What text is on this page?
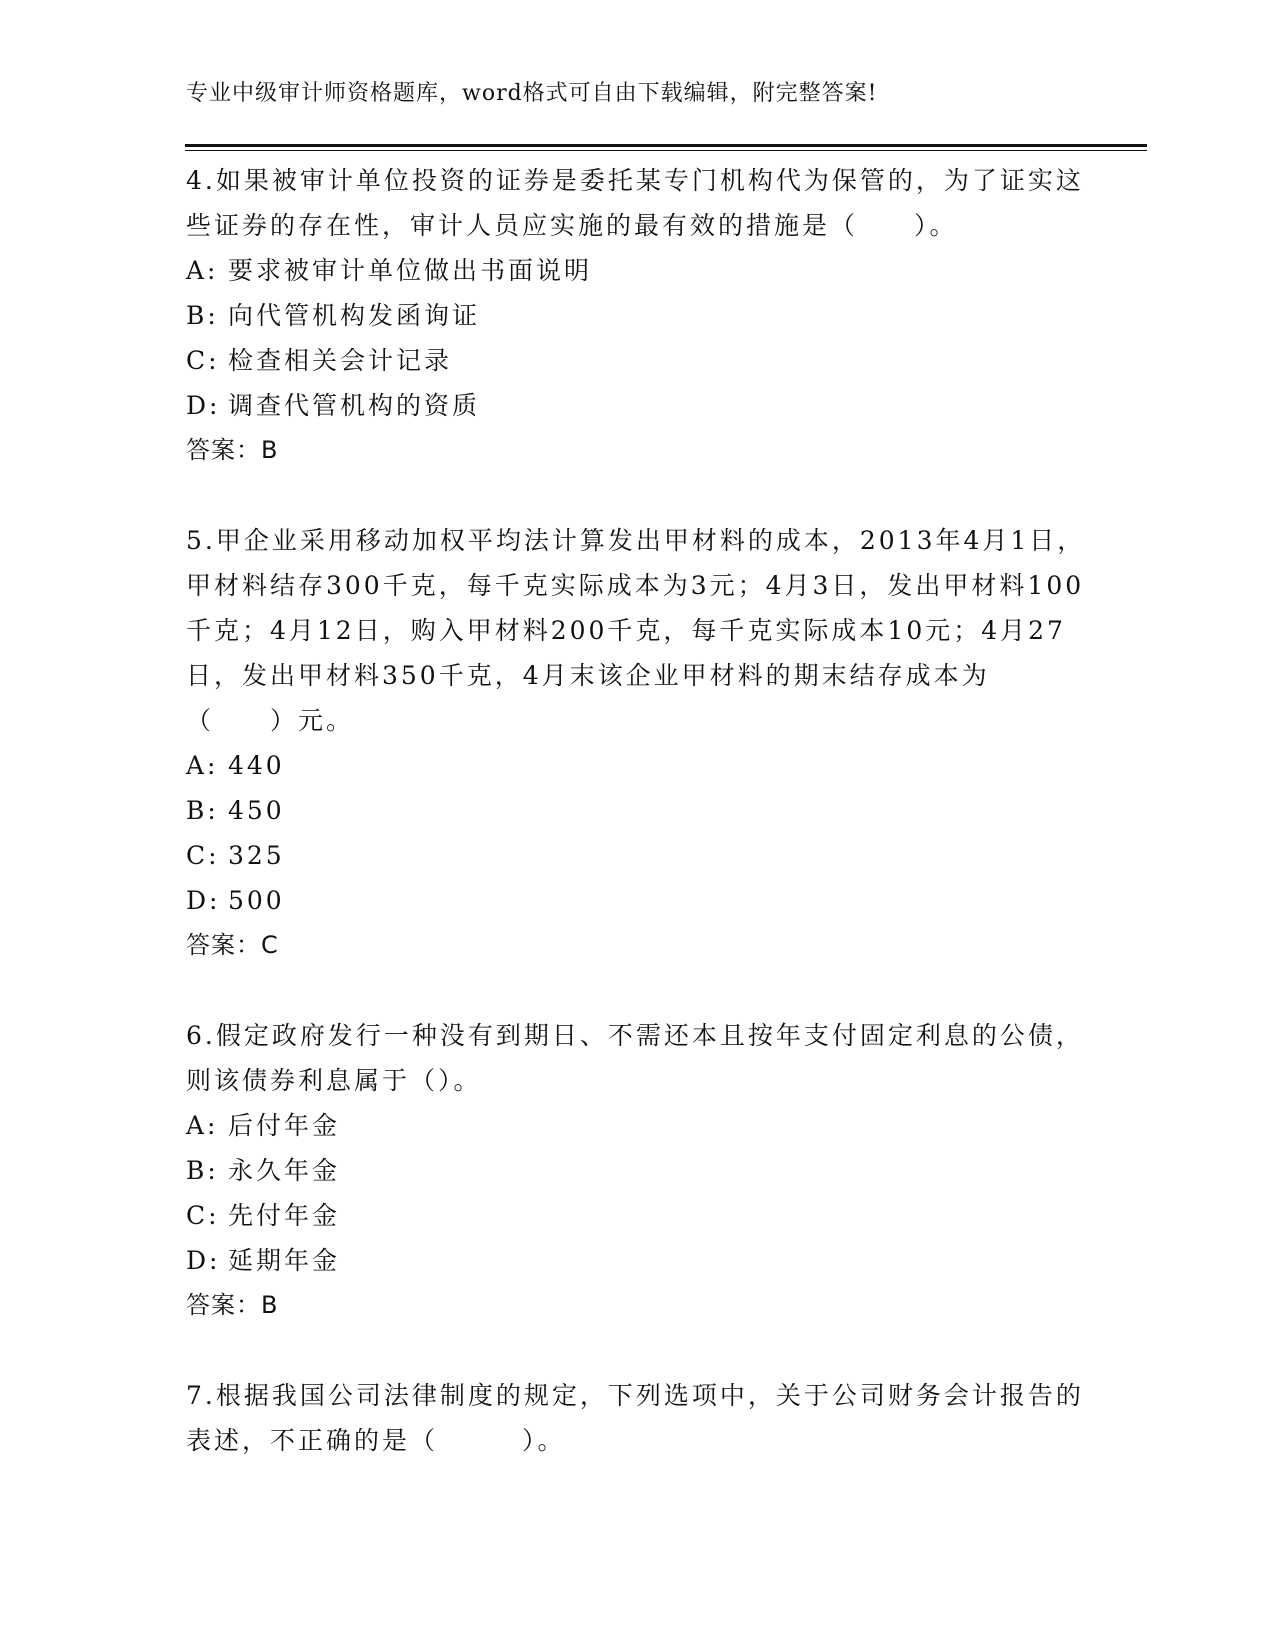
专业中级审计师资格题库，word格式可自由下载编辑，附完整答案!

4.如果被审计单位投资的证券是委托某专门机构代为保管的，为了证实这些证券的存在性，审计人员应实施的最有效的措施是（　　）。

A: 要求被审计单位做出书面说明

B: 向代管机构发函询证

C: 检查相关会计记录

D: 调查代管机构的资质

答案：B

5.甲企业采用移动加权平均法计算发出甲材料的成本，2013年4月1日，甲材料结存300千克，每千克实际成本为3元；4月3日，发出甲材料100千克；4月12日，购入甲材料200千克，每千克实际成本10元；4月27日，发出甲材料350千克，4月末该企业甲材料的期末结存成本为（　　）元。

A: 440

B: 450

C: 325

D: 500

答案：C

6.假定政府发行一种没有到期日、不需还本且按年支付固定利息的公债，则该债券利息属于（）。

A: 后付年金

B: 永久年金

C: 先付年金

D: 延期年金

答案：B

7.根据我国公司法律制度的规定，下列选项中，关于公司财务会计报告的表述，不正确的是（　　　）。
